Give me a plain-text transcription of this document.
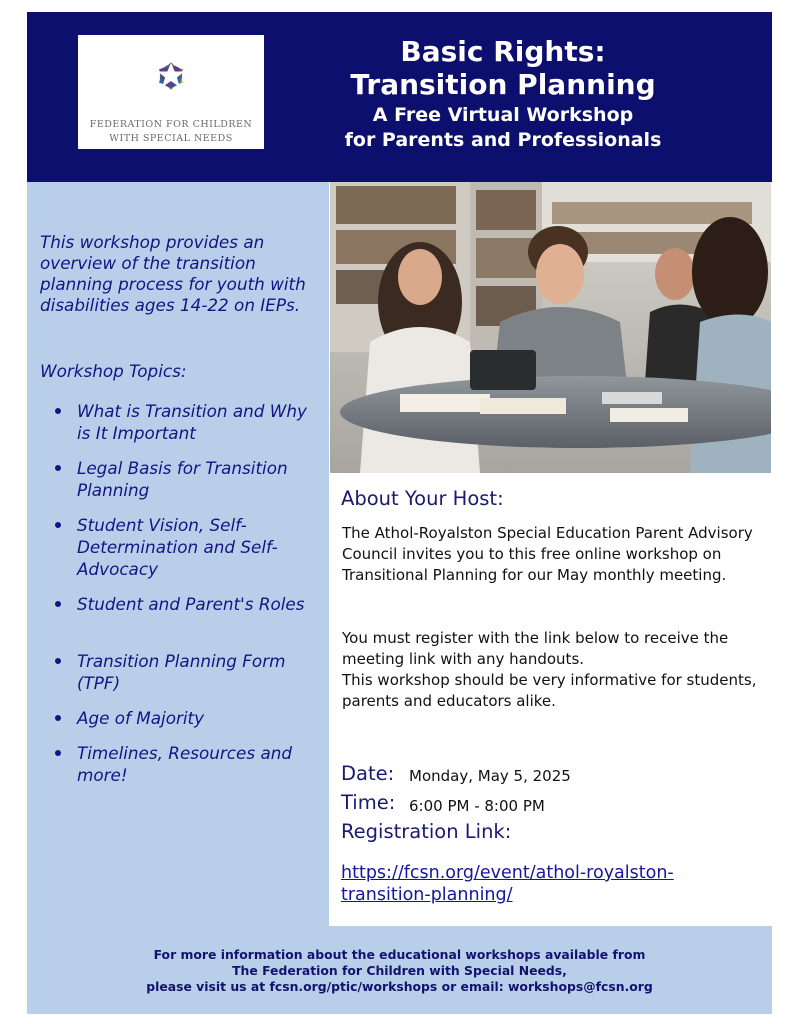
FEDERATION FOR CHILDREN
WITH SPECIAL NEEDS
Basic Rights:
Transition Planning
A Free Virtual Workshop
for Parents and Professionals

This workshop provides an overview of the transition planning process for youth with disabilities ages 14-22 on IEPs.

Workshop Topics:

What is Transition and Why is It Important
Legal Basis for Transition Planning
Student Vision, Self-Determination and Self-Advocacy
Student and Parent's Roles
Transition Planning Form (TPF)
Age of Majority
Timelines, Resources and more!
About Your Host:

The Athol-Royalston Special Education Parent Advisory Council invites you to this free online workshop on Transitional Planning for our May monthly meeting.

You must register with the link below to receive the meeting link with any handouts.

This workshop should be very informative for students, parents and educators alike.

Date: Monday, May 5, 2025
Time: 6:00 PM - 8:00 PM
Registration Link:
https://fcsn.org/event/athol-royalston-transition-planning/
For more information about the educational workshops available from
The Federation for Children with Special Needs,
please visit us at fcsn.org/ptic/workshops or email: workshops@fcsn.org
